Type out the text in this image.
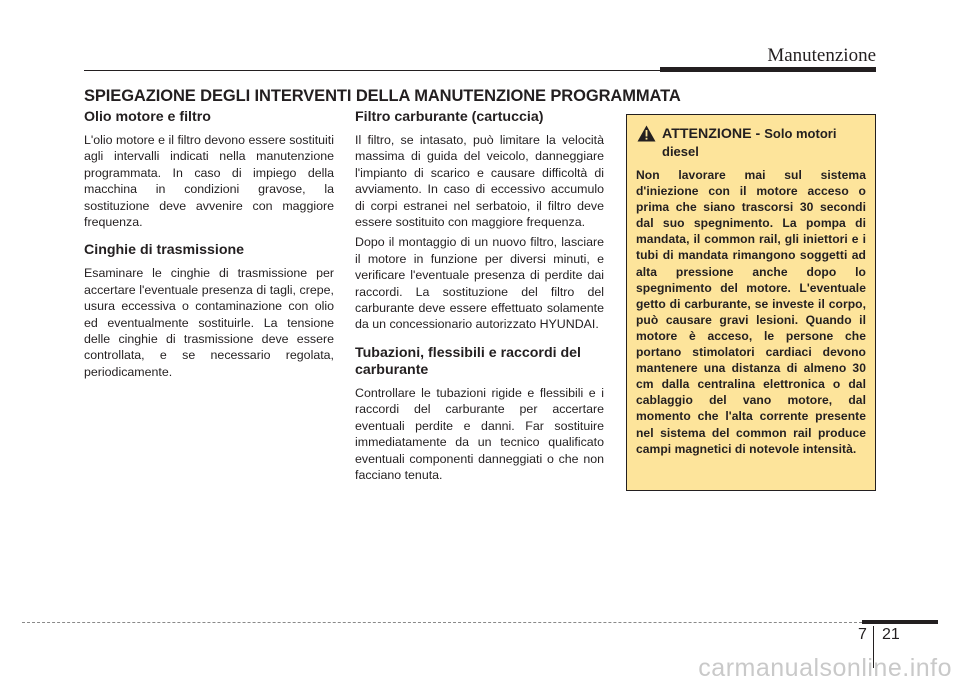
Manutenzione
SPIEGAZIONE DEGLI INTERVENTI DELLA MANUTENZIONE PROGRAMMATA
Olio motore e filtro

L'olio motore e il filtro devono essere sostituiti agli intervalli indicati nella manutenzione programmata. In caso di impiego della macchina in condizioni gravose, la sostituzione deve avvenire con maggiore frequenza.

Cinghie di trasmissione

Esaminare le cinghie di trasmissione per accertare l'eventuale presenza di tagli, crepe, usura eccessiva o contaminazione con olio ed eventualmente sostituirle. La tensione delle cinghie di trasmissione deve essere controllata, e se necessario regolata, periodicamente.

Filtro carburante (cartuccia)

Il filtro, se intasato, può limitare la velocità massima di guida del veicolo, danneggiare l'impianto di scarico e causare difficoltà di avviamento. In caso di eccessivo accumulo di corpi estranei nel serbatoio, il filtro deve essere sostituito con maggiore frequenza.

Dopo il montaggio di un nuovo filtro, lasciare il motore in funzione per diversi minuti, e verificare l'eventuale presenza di perdite dai raccordi. La sostituzione del filtro del carburante deve essere effettuato solamente da un concessionario autorizzato HYUNDAI.

Tubazioni, flessibili e raccordi del carburante

Controllare le tubazioni rigide e flessibili e i raccordi del carburante per accertare eventuali perdite e danni. Far sostituire immediatamente da un tecnico qualificato eventuali componenti danneggiati o che non facciano tenuta.

ATTENZIONE - Solo motori diesel
Non lavorare mai sul sistema d'iniezione con il motore acceso o prima che siano trascorsi 30 secondi dal suo spegnimento. La pompa di mandata, il common rail, gli iniettori e i tubi di mandata rimangono soggetti ad alta pressione anche dopo lo spegnimento del motore. L'eventuale getto di carburante, se investe il corpo, può causare gravi lesioni. Quando il motore è acceso, le persone che portano stimolatori cardiaci devono mantenere una distanza di almeno 30 cm dalla centralina elettronica o dal cablaggio del vano motore, dal momento che l'alta corrente presente nel sistema del common rail produce campi magnetici di notevole intensità.
7 21
carmanualsonline.info
